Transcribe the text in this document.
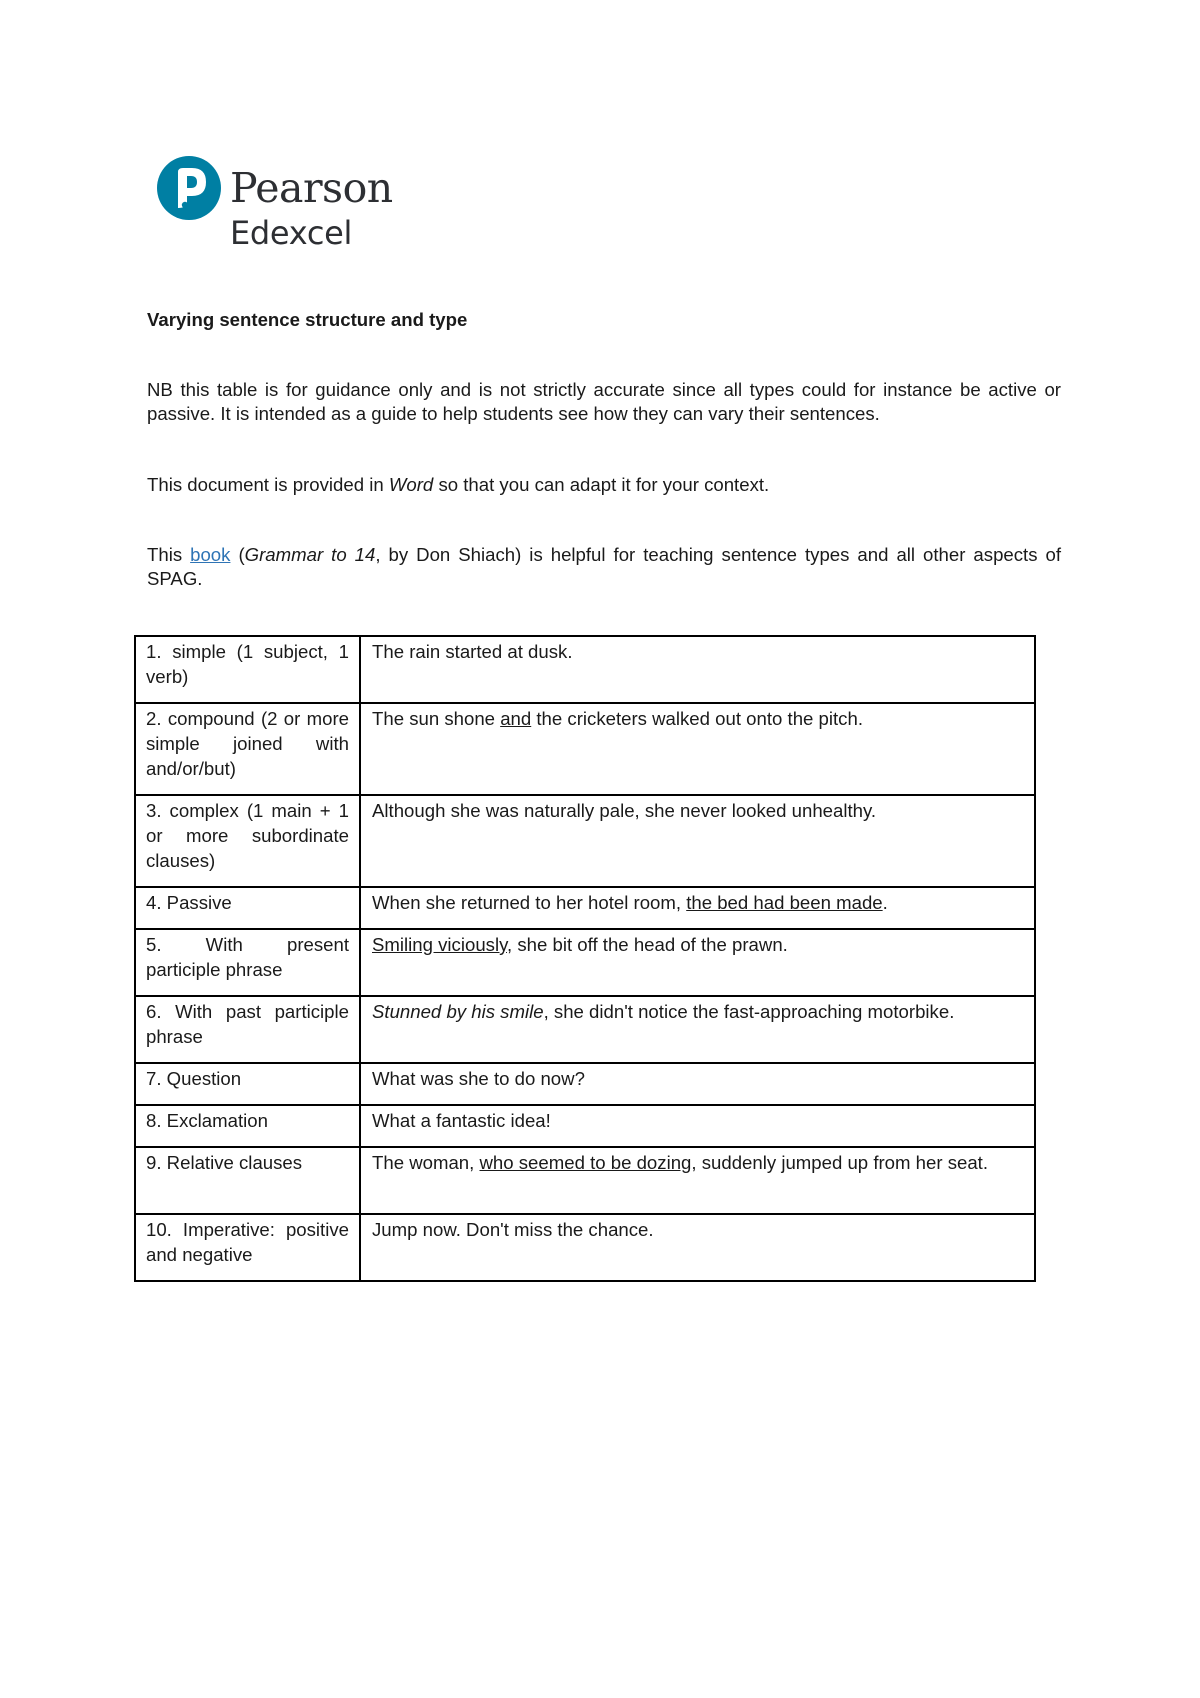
Pearson
Edexcel
Varying sentence structure and type
NB this table is for guidance only and is not strictly accurate since all types could for instance be active or passive. It is intended as a guide to help students see how they can vary their sentences.
This document is provided in Word so that you can adapt it for your context.
This book (Grammar to 14, by Don Shiach) is helpful for teaching sentence types and all other aspects of SPAG.
1. simple (1 subject, 1 verb)	The rain started at dusk.
2. compound (2 or more simple joined with and/or/but)	The sun shone and the cricketers walked out onto the pitch.
3. complex (1 main + 1 or more subordinate clauses)	Although she was naturally pale, she never looked unhealthy.
4. Passive	When she returned to her hotel room, the bed had been made.
5. With present participle phrase	Smiling viciously, she bit off the head of the prawn.
6. With past participle phrase	Stunned by his smile, she didn't notice the fast-approaching motorbike.
7. Question	What was she to do now?
8. Exclamation	What a fantastic idea!
9. Relative clauses	The woman, who seemed to be dozing, suddenly jumped up from her seat.
10. Imperative: positive and negative	Jump now. Don't miss the chance.
